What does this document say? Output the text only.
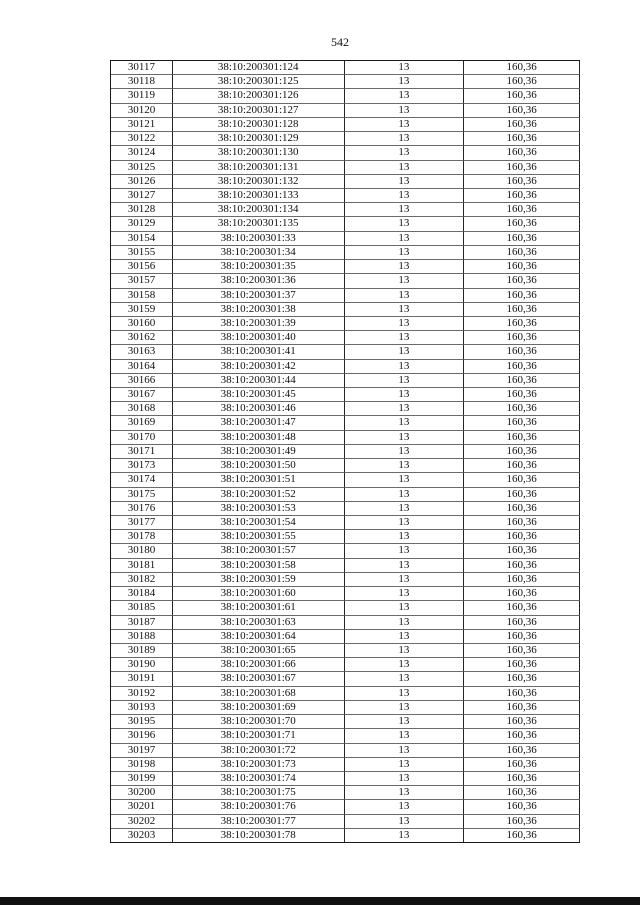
542
30117	38:10:200301:124	13	160,36
30118	38:10:200301:125	13	160,36
30119	38:10:200301:126	13	160,36
30120	38:10:200301:127	13	160,36
30121	38:10:200301:128	13	160,36
30122	38:10:200301:129	13	160,36
30124	38:10:200301:130	13	160,36
30125	38:10:200301:131	13	160,36
30126	38:10:200301:132	13	160,36
30127	38:10:200301:133	13	160,36
30128	38:10:200301:134	13	160,36
30129	38:10:200301:135	13	160,36
30154	38:10:200301:33	13	160,36
30155	38:10:200301:34	13	160,36
30156	38:10:200301:35	13	160,36
30157	38:10:200301:36	13	160,36
30158	38:10:200301:37	13	160,36
30159	38:10:200301:38	13	160,36
30160	38:10:200301:39	13	160,36
30162	38:10:200301:40	13	160,36
30163	38:10:200301:41	13	160,36
30164	38:10:200301:42	13	160,36
30166	38:10:200301:44	13	160,36
30167	38:10:200301:45	13	160,36
30168	38:10:200301:46	13	160,36
30169	38:10:200301:47	13	160,36
30170	38:10:200301:48	13	160,36
30171	38:10:200301:49	13	160,36
30173	38:10:200301:50	13	160,36
30174	38:10:200301:51	13	160,36
30175	38:10:200301:52	13	160,36
30176	38:10:200301:53	13	160,36
30177	38:10:200301:54	13	160,36
30178	38:10:200301:55	13	160,36
30180	38:10:200301:57	13	160,36
30181	38:10:200301:58	13	160,36
30182	38:10:200301:59	13	160,36
30184	38:10:200301:60	13	160,36
30185	38:10:200301:61	13	160,36
30187	38:10:200301:63	13	160,36
30188	38:10:200301:64	13	160,36
30189	38:10:200301:65	13	160,36
30190	38:10:200301:66	13	160,36
30191	38:10:200301:67	13	160,36
30192	38:10:200301:68	13	160,36
30193	38:10:200301:69	13	160,36
30195	38:10:200301:70	13	160,36
30196	38:10:200301:71	13	160,36
30197	38:10:200301:72	13	160,36
30198	38:10:200301:73	13	160,36
30199	38:10:200301:74	13	160,36
30200	38:10:200301:75	13	160,36
30201	38:10:200301:76	13	160,36
30202	38:10:200301:77	13	160,36
30203	38:10:200301:78	13	160,36
